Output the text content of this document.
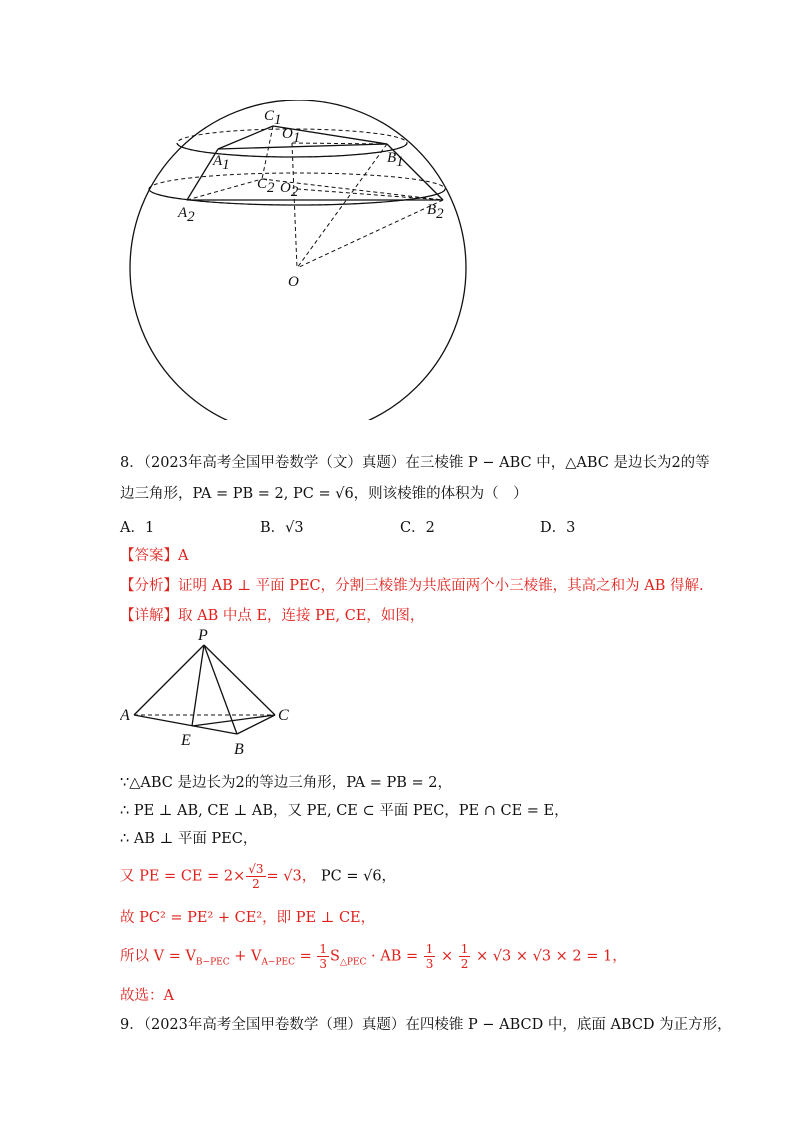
C1
O1
A1	B1
C2 O2
A2	B2
O
8．（2023年高考全国甲卷数学（文）真题）在三棱锥 P − ABC 中，△ABC 是边长为2的等
边三角形，PA = PB = 2, PC = √6，则该棱锥的体积为（　）
A．1	B．√3	C．2	D．3
【答案】A
【分析】证明 AB ⊥ 平面 PEC，分割三棱锥为共底面两个小三棱锥，其高之和为 AB 得解.
【详解】取 AB 中点 E，连接 PE, CE，如图，
P
A	C
E
B
∵△ABC 是边长为2的等边三角形，PA = PB = 2，
∴ PE ⊥ AB, CE ⊥ AB，又 PE, CE ⊂ 平面 PEC，PE ∩ CE = E，
∴ AB ⊥ 平面 PEC，
又 PE = CE = $2\times \frac{√3}{2} = √3$， PC = √6，
故 PC² = PE² + CE²，即 PE ⊥ CE，
所以 $V = V_{B-PEC} + V_{A-PEC} = \frac{1}{3} S_{\triangle PEC}$ · AB = $\frac{1}{3} \times \frac{1}{2} \times √3 \times √3 \times 2 = 1$，
故选：A
9．（2023年高考全国甲卷数学（理）真题）在四棱锥 P − ABCD 中，底面 ABCD 为正方形，
